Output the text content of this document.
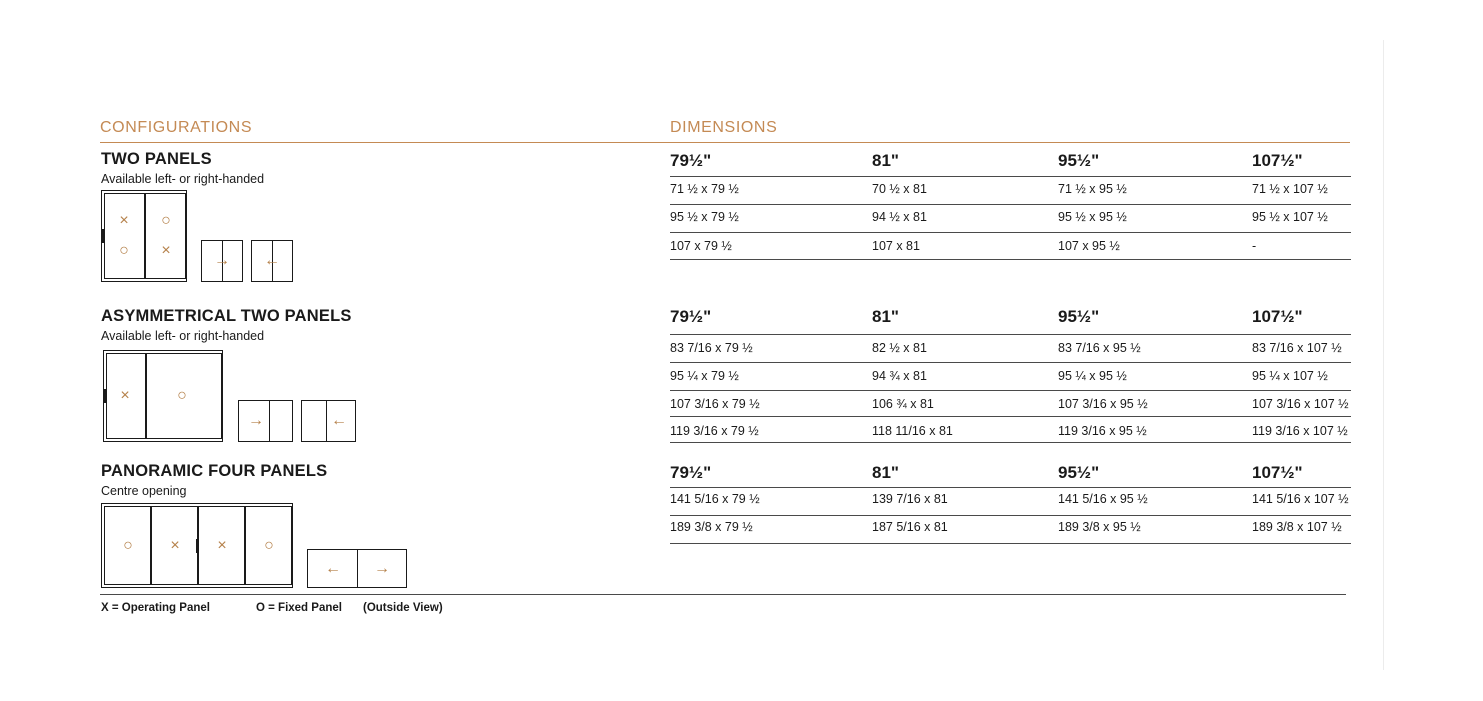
CONFIGURATIONS	DIMENSIONS
TWO PANELS
Available left- or right-handed
×	○
○	×
→	←
79½"	81"	95½"	107½"
71 ½ x 79 ½	70 ½ x 81	71 ½ x 95 ½	71 ½ x 107 ½
95 ½ x 79 ½	94 ½ x 81	95 ½ x 95 ½	95 ½ x 107 ½
107 x 79 ½	107 x 81	107 x 95 ½	-
ASYMMETRICAL TWO PANELS
Available left- or right-handed
×	○
→	←
79½"	81"	95½"	107½"
83 7/16 x 79 ½	82 ½ x 81	83 7/16 x 95 ½	83 7/16 x 107 ½
95 ¼ x 79 ½	94 ¾ x 81	95 ¼ x 95 ½	95 ¼ x 107 ½
107 3/16 x 79 ½	106 ¾ x 81	107 3/16 x 95 ½	107 3/16 x 107 ½
119 3/16 x 79 ½	118 11/16 x 81	119 3/16 x 95 ½	119 3/16 x 107 ½
PANORAMIC FOUR PANELS
Centre opening
○	×	×	○
←	→
79½"	81"	95½"	107½"
141 5/16 x 79 ½	139 7/16 x 81	141 5/16 x 95 ½	141 5/16 x 107 ½
189 3/8 x 79 ½	187 5/16 x 81	189 3/8 x 95 ½	189 3/8 x 107 ½
X = Operating Panel	O = Fixed Panel (Outside View)
